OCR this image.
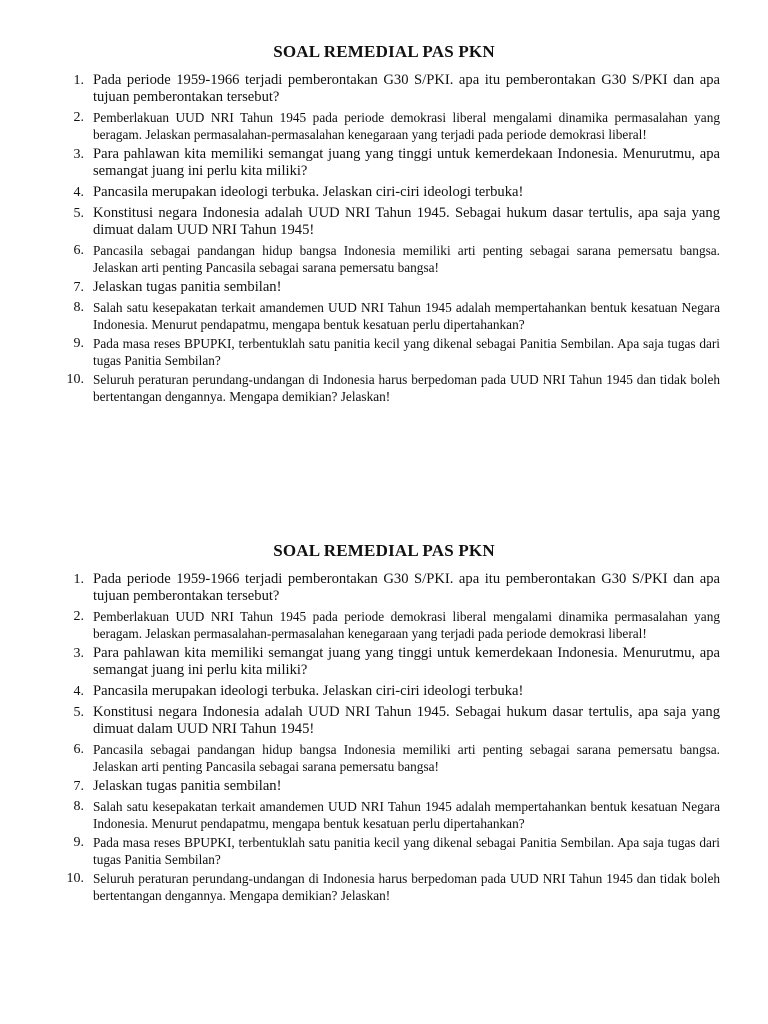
SOAL REMEDIAL PAS PKN
1. Pada periode 1959-1966 terjadi pemberontakan G30 S/PKI. apa itu pemberontakan G30 S/PKI dan apa tujuan pemberontakan tersebut?
2. Pemberlakuan UUD NRI Tahun 1945 pada periode demokrasi liberal mengalami dinamika permasalahan yang beragam. Jelaskan permasalahan-permasalahan kenegaraan yang terjadi pada periode demokrasi liberal!
3. Para pahlawan kita memiliki semangat juang yang tinggi untuk kemerdekaan Indonesia. Menurutmu, apa semangat juang ini perlu kita miliki?
4. Pancasila merupakan ideologi terbuka. Jelaskan ciri-ciri ideologi terbuka!
5. Konstitusi negara Indonesia adalah UUD NRI Tahun 1945. Sebagai hukum dasar tertulis, apa saja yang dimuat dalam UUD NRI Tahun 1945!
6. Pancasila sebagai pandangan hidup bangsa Indonesia memiliki arti penting sebagai sarana pemersatu bangsa. Jelaskan arti penting Pancasila sebagai sarana pemersatu bangsa!
7. Jelaskan tugas panitia sembilan!
8. Salah satu kesepakatan terkait amandemen UUD NRI Tahun 1945 adalah mempertahankan bentuk kesatuan Negara Indonesia. Menurut pendapatmu, mengapa bentuk kesatuan perlu dipertahankan?
9. Pada masa reses BPUPKI, terbentuklah satu panitia kecil yang dikenal sebagai Panitia Sembilan. Apa saja tugas dari tugas Panitia Sembilan?
10. Seluruh peraturan perundang-undangan di Indonesia harus berpedoman pada UUD NRI Tahun 1945 dan tidak boleh bertentangan dengannya. Mengapa demikian? Jelaskan!
SOAL REMEDIAL PAS PKN
1. Pada periode 1959-1966 terjadi pemberontakan G30 S/PKI. apa itu pemberontakan G30 S/PKI dan apa tujuan pemberontakan tersebut?
2. Pemberlakuan UUD NRI Tahun 1945 pada periode demokrasi liberal mengalami dinamika permasalahan yang beragam. Jelaskan permasalahan-permasalahan kenegaraan yang terjadi pada periode demokrasi liberal!
3. Para pahlawan kita memiliki semangat juang yang tinggi untuk kemerdekaan Indonesia. Menurutmu, apa semangat juang ini perlu kita miliki?
4. Pancasila merupakan ideologi terbuka. Jelaskan ciri-ciri ideologi terbuka!
5. Konstitusi negara Indonesia adalah UUD NRI Tahun 1945. Sebagai hukum dasar tertulis, apa saja yang dimuat dalam UUD NRI Tahun 1945!
6. Pancasila sebagai pandangan hidup bangsa Indonesia memiliki arti penting sebagai sarana pemersatu bangsa. Jelaskan arti penting Pancasila sebagai sarana pemersatu bangsa!
7. Jelaskan tugas panitia sembilan!
8. Salah satu kesepakatan terkait amandemen UUD NRI Tahun 1945 adalah mempertahankan bentuk kesatuan Negara Indonesia. Menurut pendapatmu, mengapa bentuk kesatuan perlu dipertahankan?
9. Pada masa reses BPUPKI, terbentuklah satu panitia kecil yang dikenal sebagai Panitia Sembilan. Apa saja tugas dari tugas Panitia Sembilan?
10. Seluruh peraturan perundang-undangan di Indonesia harus berpedoman pada UUD NRI Tahun 1945 dan tidak boleh bertentangan dengannya. Mengapa demikian? Jelaskan!
